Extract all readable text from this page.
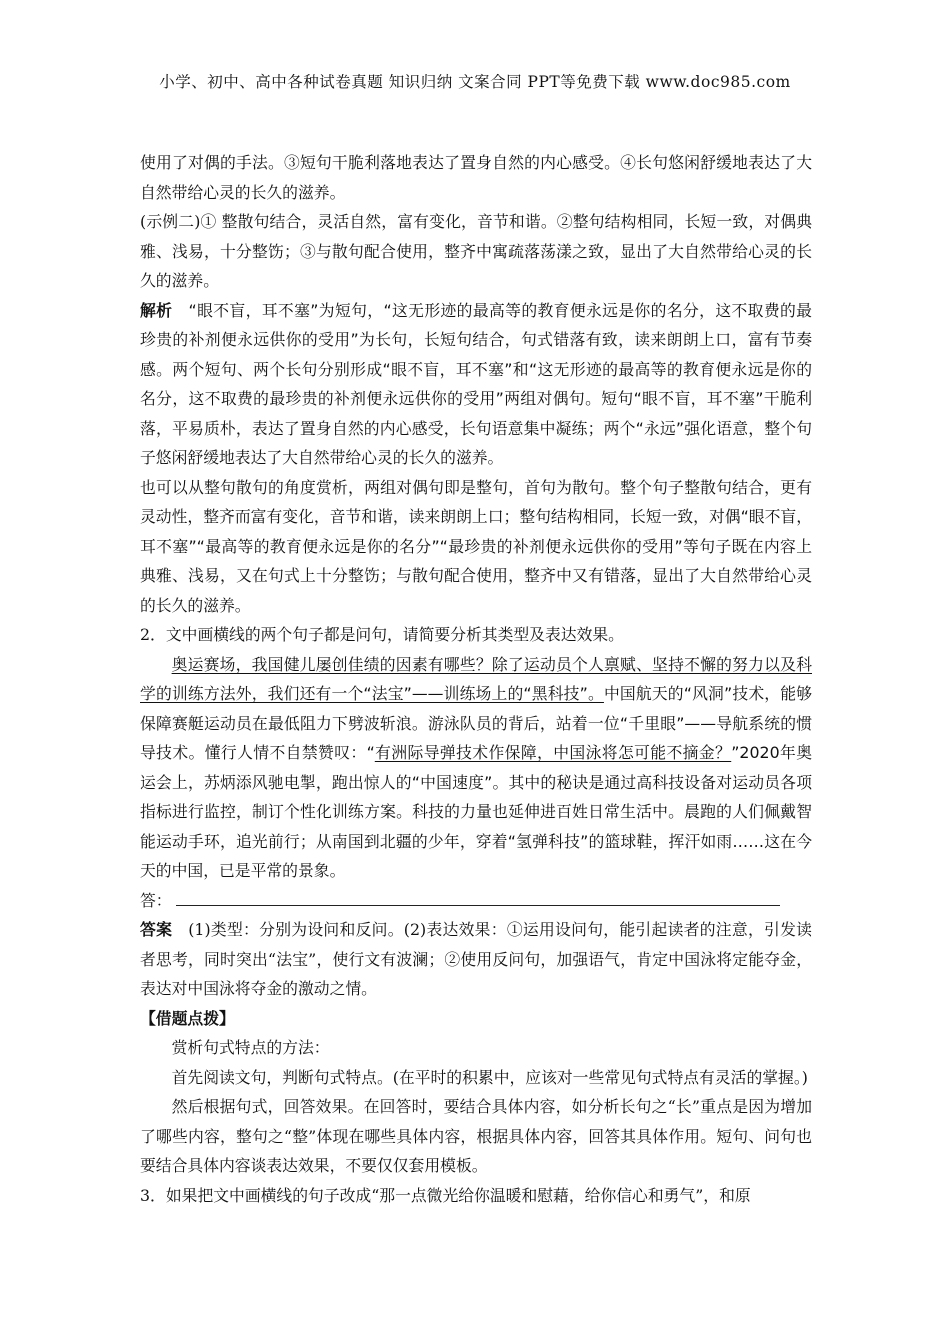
小学、初中、高中各种试卷真题 知识归纳 文案合同 PPT等免费下载 www.doc985.com

使用了对偶的手法。③短句干脆利落地表达了置身自然的内心感受。④长句悠闲舒缓地表达了大自然带给心灵的长久的滋养。

(示例二)① 整散句结合，灵活自然，富有变化，音节和谐。②整句结构相同，长短一致，对偶典雅、浅易，十分整饬；③与散句配合使用，整齐中寓疏落荡漾之致，显出了大自然带给心灵的长久的滋养。

解析　“眼不盲，耳不塞”为短句，“这无形迹的最高等的教育便永远是你的名分，这不取费的最珍贵的补剂便永远供你的受用”为长句，长短句结合，句式错落有致，读来朗朗上口，富有节奏感。两个短句、两个长句分别形成“眼不盲，耳不塞”和“这无形迹的最高等的教育便永远是你的名分，这不取费的最珍贵的补剂便永远供你的受用”两组对偶句。短句“眼不盲，耳不塞”干脆利落，平易质朴，表达了置身自然的内心感受，长句语意集中凝练；两个“永远”强化语意，整个句子悠闲舒缓地表达了大自然带给心灵的长久的滋养。

也可以从整句散句的角度赏析，两组对偶句即是整句，首句为散句。整个句子整散句结合，更有灵动性，整齐而富有变化，音节和谐，读来朗朗上口；整句结构相同，长短一致，对偶“眼不盲，耳不塞”“最高等的教育便永远是你的名分”“最珍贵的补剂便永远供你的受用”等句子既在内容上典雅、浅易，又在句式上十分整饬；与散句配合使用，整齐中又有错落，显出了大自然带给心灵的长久的滋养。

2．文中画横线的两个句子都是问句，请简要分析其类型及表达效果。

奥运赛场，我国健儿屡创佳绩的因素有哪些？除了运动员个人禀赋、坚持不懈的努力以及科学的训练方法外，我们还有一个“法宝”——训练场上的“黑科技”。中国航天的“风洞”技术，能够保障赛艇运动员在最低阻力下劈波斩浪。游泳队员的背后，站着一位“千里眼”——导航系统的惯导技术。懂行人情不自禁赞叹：“有洲际导弹技术作保障，中国泳将怎可能不摘金？”2020年奥运会上，苏炳添风驰电掣，跑出惊人的“中国速度”。其中的秘诀是通过高科技设备对运动员各项指标进行监控，制订个性化训练方案。科技的力量也延伸进百姓日常生活中。晨跑的人们佩戴智能运动手环，追光前行；从南国到北疆的少年，穿着“氢弹科技”的篮球鞋，挥汗如雨……这在今天的中国，已是平常的景象。

答：

答案　(1)类型：分别为设问和反问。(2)表达效果：①运用设问句，能引起读者的注意，引发读者思考，同时突出“法宝”，使行文有波澜；②使用反问句，加强语气，肯定中国泳将定能夺金，表达对中国泳将夺金的激动之情。

【借题点拨】

赏析句式特点的方法：

首先阅读文句，判断句式特点。(在平时的积累中，应该对一些常见句式特点有灵活的掌握。)

然后根据句式，回答效果。在回答时，要结合具体内容，如分析长句之“长”重点是因为增加了哪些内容，整句之“整”体现在哪些具体内容，根据具体内容，回答其具体作用。短句、问句也要结合具体内容谈表达效果，不要仅仅套用模板。

3．如果把文中画横线的句子改成“那一点微光给你温暖和慰藉，给你信心和勇气”，和原
